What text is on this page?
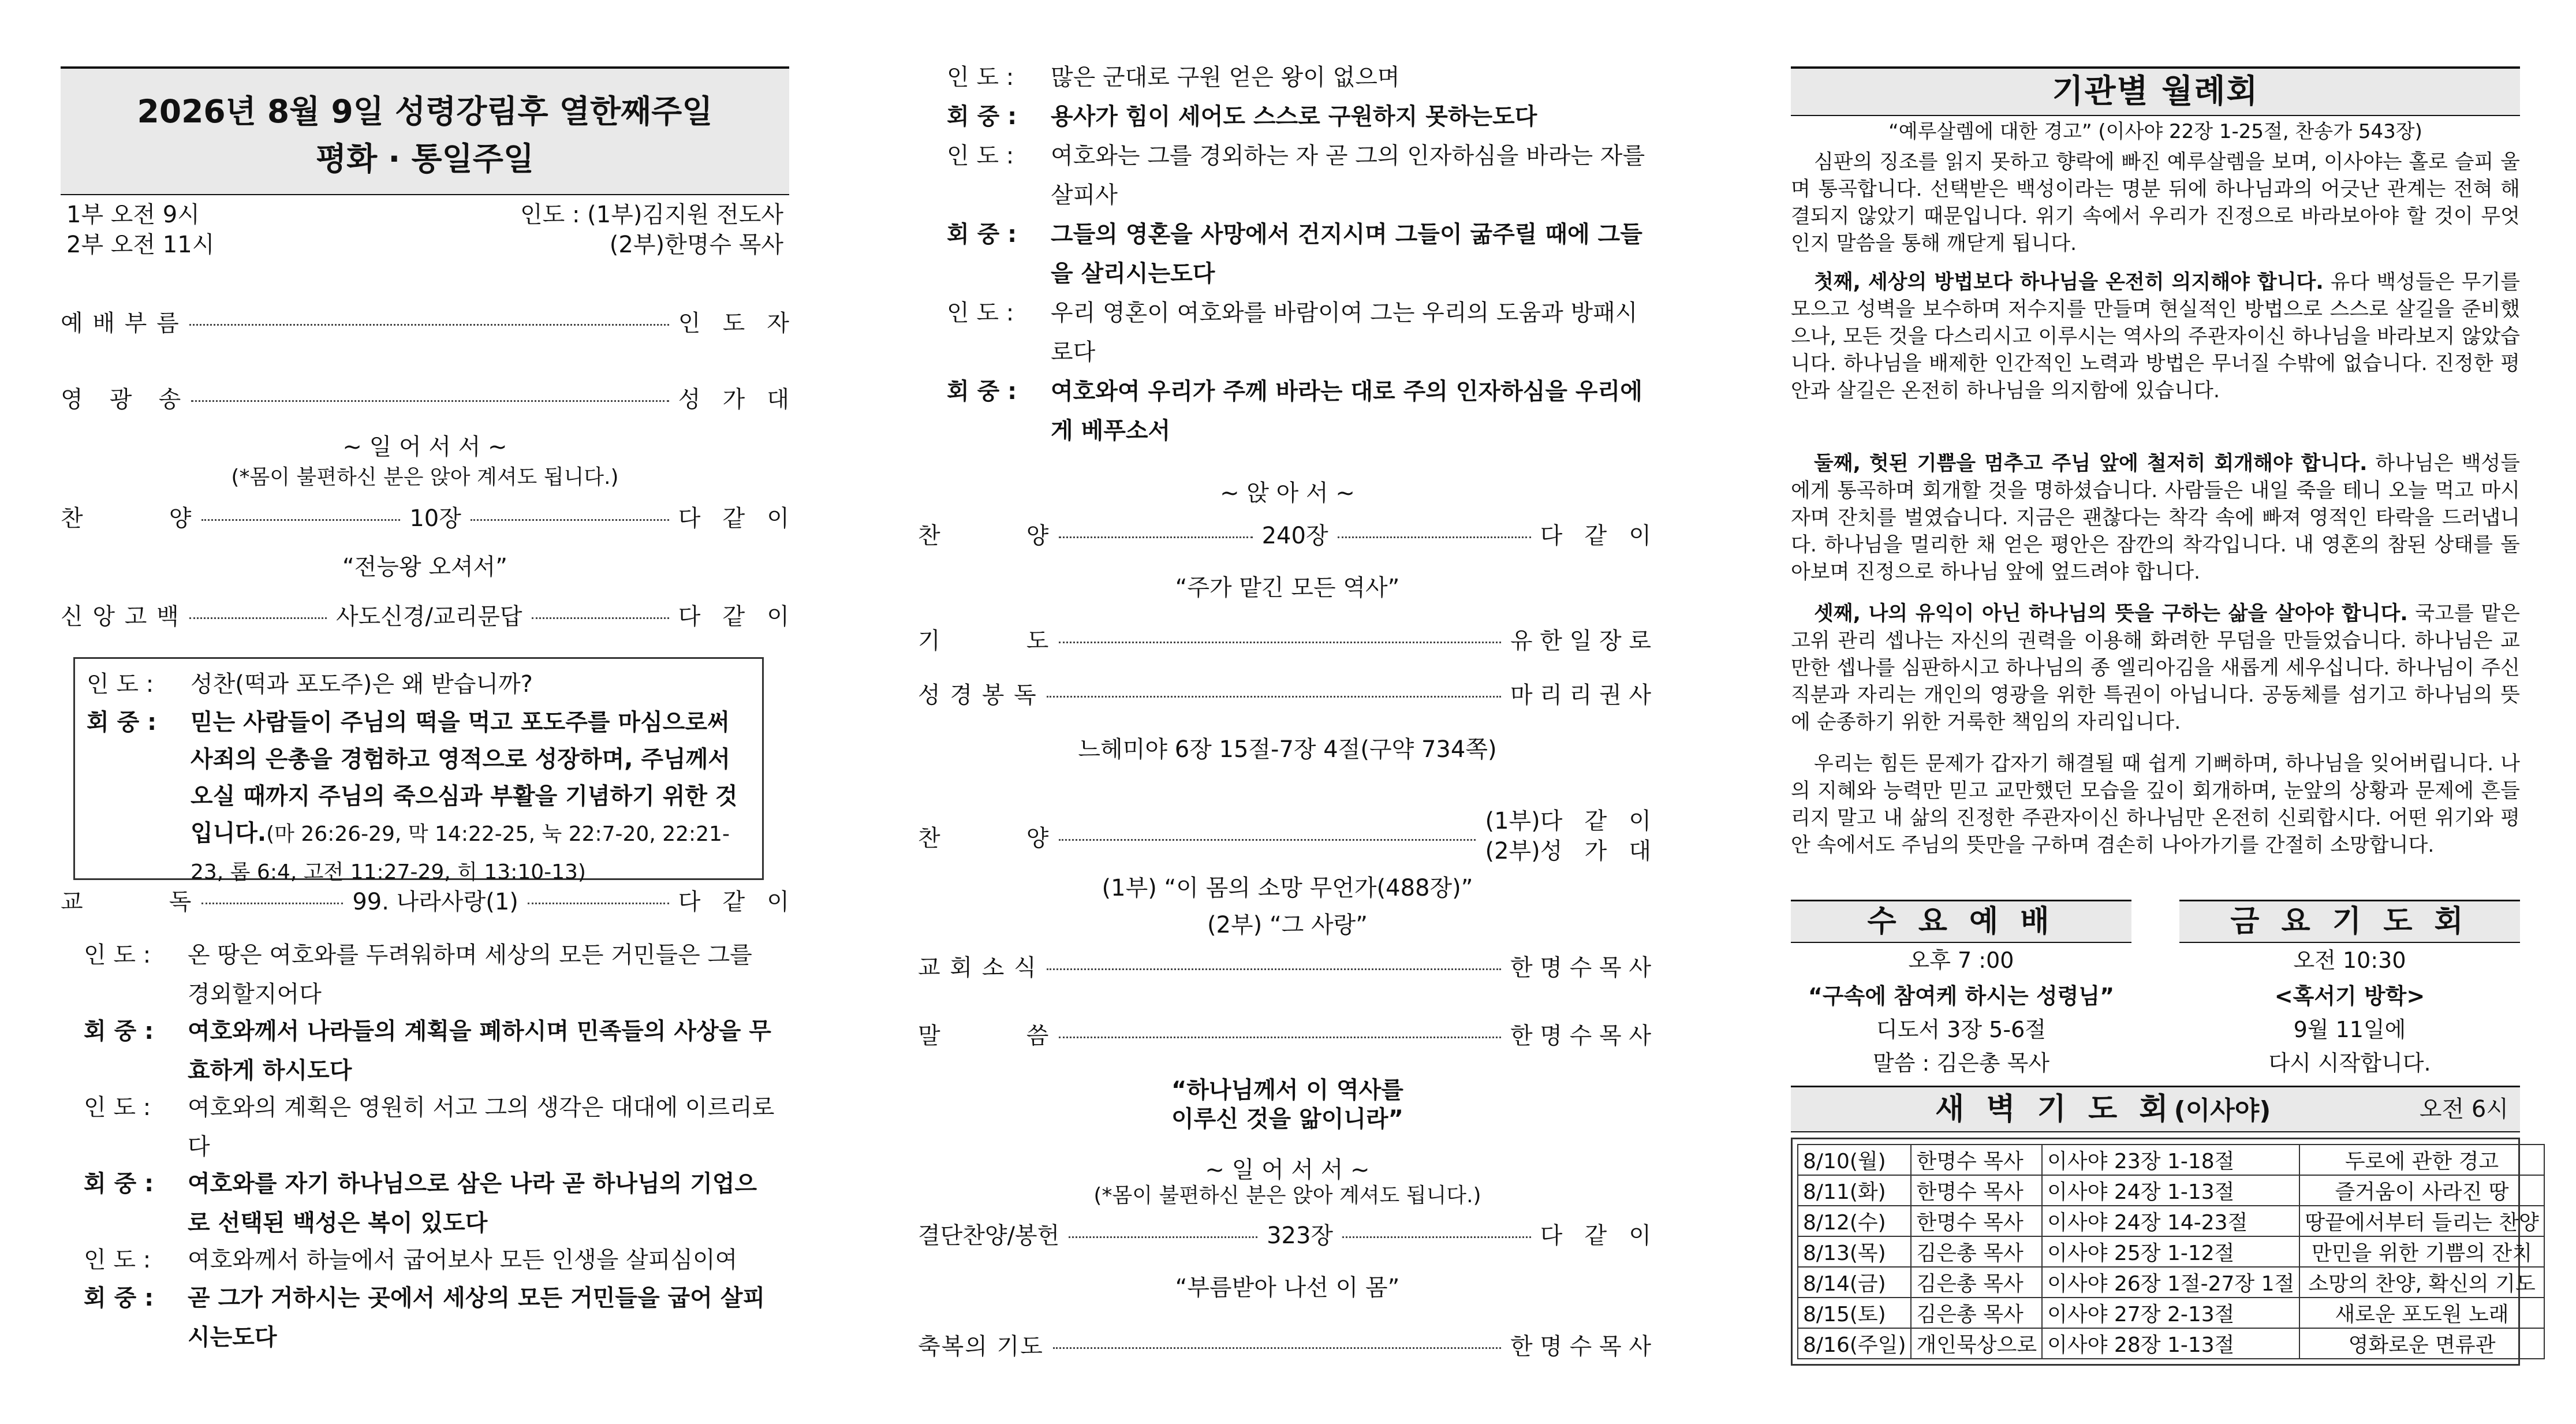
2026년 8월 9일 성령강림후 열한째주일
평화 · 통일주일
1부 오전 9시	인도 : (1부)김지원 전도사
2부 오전 11시	(2부)한명수 목사
예 배 부 름	인   도   자
영   광   송	성   가   대
~ 일 어 서 서 ~
(*몸이 불편하신 분은 앉아 계셔도 됩니다.)
찬          양	10장	다   같   이
“전능왕 오셔서”
신 앙 고 백	사도신경/교리문답	다   같   이
인 도 : 성찬(떡과 포도주)은 왜 받습니까?
회 중 : 믿는 사람들이 주님의 떡을 먹고 포도주를 마심으로써 사죄의 은총을 경험하고 영적으로 성장하며, 주님께서 오실 때까지 주님의 죽으심과 부활을 기념하기 위한 것입니다.(마 26:26-29, 막 14:22-25, 눅 22:7-20, 22:21-23, 롬 6:4, 고전 11:27-29, 히 13:10-13)
교          독	99. 나라사랑(1)	다   같   이
인 도 : 온 땅은 여호와를 두려워하며 세상의 모든 거민들은 그를 경외할지어다
회 중 : 여호와께서 나라들의 계획을 폐하시며 민족들의 사상을 무효하게 하시도다
인 도 : 여호와의 계획은 영원히 서고 그의 생각은 대대에 이르리로다
회 중 : 여호와를 자기 하나님으로 삼은 나라 곧 하나님의 기업으로 선택된 백성은 복이 있도다
인 도 : 여호와께서 하늘에서 굽어보사 모든 인생을 살피심이여
회 중 : 곧 그가 거하시는 곳에서 세상의 모든 거민들을 굽어 살피시는도다
인 도 : 많은 군대로 구원 얻은 왕이 없으며
회 중 : 용사가 힘이 세어도 스스로 구원하지 못하는도다
인 도 : 여호와는 그를 경외하는 자 곧 그의 인자하심을 바라는 자를 살피사
회 중 : 그들의 영혼을 사망에서 건지시며 그들이 굶주릴 때에 그들을 살리시는도다
인 도 : 우리 영혼이 여호와를 바람이여 그는 우리의 도움과 방패시로다
회 중 : 여호와여 우리가 주께 바라는 대로 주의 인자하심을 우리에게 베푸소서
~ 앉 아 서 ~
찬          양	240장	다   같   이
“주가 맡긴 모든 역사”
기          도	유 한 일 장 로
성 경 봉 독	마 리 리 권 사
느헤미야 6장 15절-7장 4절(구약 734쪽)
찬          양
(1부)다   같   이
(2부)성   가   대
(1부) “이 몸의 소망 무언가(488장)”
(2부) “그 사랑”
교 회 소 식	한 명 수 목 사
말          씀	한 명 수 목 사
“하나님께서 이 역사를
이루신 것을 앎이니라”
~ 일 어 서 서 ~
(*몸이 불편하신 분은 앉아 계셔도 됩니다.)
결단찬양/봉헌	323장	다   같   이
“부름받아 나선 이 몸”
축복의 기도	한 명 수 목 사
기관별 월례회
“예루살렘에 대한 경고” (이사야 22장 1-25절, 찬송가 543장)
심판의 징조를 읽지 못하고 향락에 빠진 예루살렘을 보며, 이사야는 홀로 슬피 울며 통곡합니다. 선택받은 백성이라는 명분 뒤에 하나님과의 어긋난 관계는 전혀 해결되지 않았기 때문입니다. 위기 속에서 우리가 진정으로 바라보아야 할 것이 무엇인지 말씀을 통해 깨닫게 됩니다.
첫째, 세상의 방법보다 하나님을 온전히 의지해야 합니다. 유다 백성들은 무기를 모으고 성벽을 보수하며 저수지를 만들며 현실적인 방법으로 스스로 살길을 준비했으나, 모든 것을 다스리시고 이루시는 역사의 주관자이신 하나님을 바라보지 않았습니다. 하나님을 배제한 인간적인 노력과 방법은 무너질 수밖에 없습니다. 진정한 평안과 살길은 온전히 하나님을 의지함에 있습니다.
둘째, 헛된 기쁨을 멈추고 주님 앞에 철저히 회개해야 합니다. 하나님은 백성들에게 통곡하며 회개할 것을 명하셨습니다. 사람들은 내일 죽을 테니 오늘 먹고 마시자며 잔치를 벌였습니다. 지금은 괜찮다는 착각 속에 빠져 영적인 타락을 드러냅니다. 하나님을 멀리한 채 얻은 평안은 잠깐의 착각입니다. 내 영혼의 참된 상태를 돌아보며 진정으로 하나님 앞에 엎드려야 합니다.
셋째, 나의 유익이 아닌 하나님의 뜻을 구하는 삶을 살아야 합니다. 국고를 맡은 고위 관리 셉나는 자신의 권력을 이용해 화려한 무덤을 만들었습니다. 하나님은 교만한 셉나를 심판하시고 하나님의 종 엘리아김을 새롭게 세우십니다. 하나님이 주신 직분과 자리는 개인의 영광을 위한 특권이 아닙니다. 공동체를 섬기고 하나님의 뜻에 순종하기 위한 거룩한 책임의 자리입니다.
우리는 힘든 문제가 갑자기 해결될 때 쉽게 기뻐하며, 하나님을 잊어버립니다. 나의 지혜와 능력만 믿고 교만했던 모습을 깊이 회개하며, 눈앞의 상황과 문제에 흔들리지 말고 내 삶의 진정한 주관자이신 하나님만 온전히 신뢰합시다. 어떤 위기와 평안 속에서도 주님의 뜻만을 구하며 겸손히 나아가기를 간절히 소망합니다.
수 요 예 배
오후 7 :00
“구속에 참여케 하시는 성령님”
디도서 3장 5-6절
말씀 : 김은총 목사
금 요 기 도 회
오전 10:30
<혹서기 방학>
9월 11일에
다시 시작합니다.
새 벽 기 도 회(이사야)	오전 6시
8/10(월)	한명수 목사	이사야 23장 1-18절	두로에 관한 경고
8/11(화)	한명수 목사	이사야 24장 1-13절	즐거움이 사라진 땅
8/12(수)	한명수 목사	이사야 24장 14-23절	땅끝에서부터 들리는 찬양
8/13(목)	김은총 목사	이사야 25장 1-12절	만민을 위한 기쁨의 잔치
8/14(금)	김은총 목사	이사야 26장 1절-27장 1절	소망의 찬양, 확신의 기도
8/15(토)	김은총 목사	이사야 27장 2-13절	새로운 포도원 노래
8/16(주일)	개인묵상으로	이사야 28장 1-13절	영화로운 면류관
